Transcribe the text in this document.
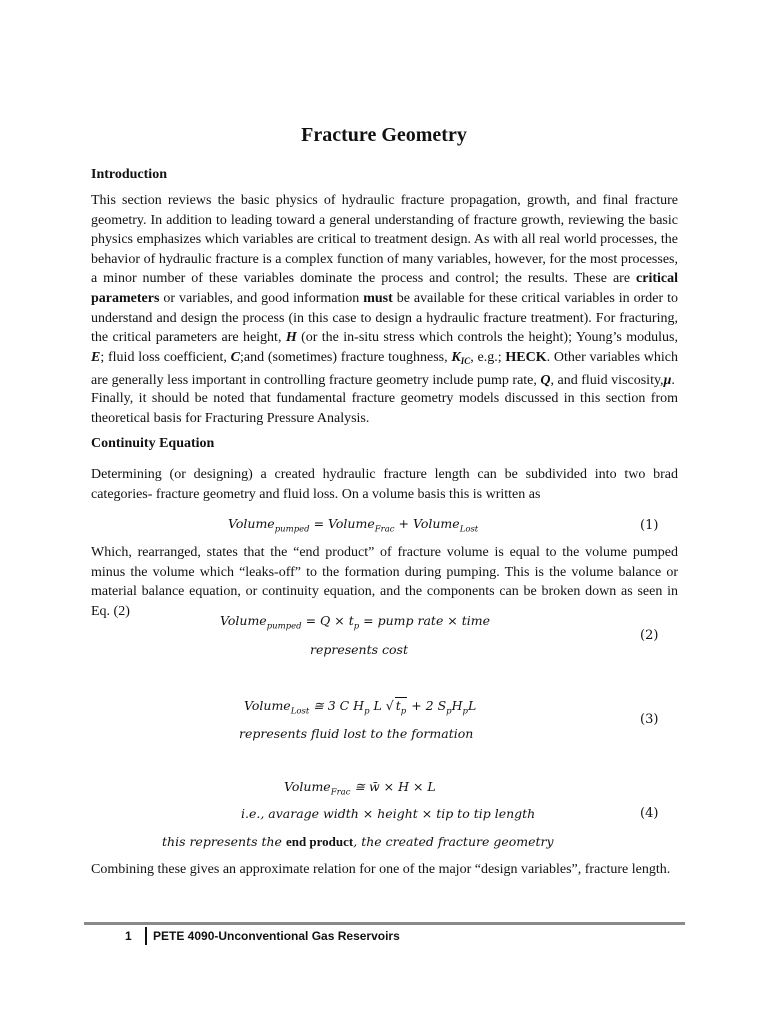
Fracture Geometry
Introduction

This section reviews the basic physics of hydraulic fracture propagation, growth, and final fracture geometry. In addition to leading toward a general understanding of fracture growth, reviewing the basic physics emphasizes which variables are critical to treatment design. As with all real world processes, the behavior of hydraulic fracture is a complex function of many variables, however, for the most processes, a minor number of these variables dominate the process and control; the results. These are critical parameters or variables, and good information must be available for these critical variables in order to understand and design the process (in this case to design a hydraulic fracture treatment). For fracturing, the critical parameters are height, H (or the in-situ stress which controls the height); Young’s modulus, E; fluid loss coefficient, C;and (sometimes) fracture toughness, $K_{IC}$, e.g.; HECK. Other variables which are generally less important in controlling fracture geometry include pump rate, Q, and fluid viscosity,μ.

Finally, it should be noted that fundamental fracture geometry models discussed in this section from theoretical basis for Fracturing Pressure Analysis.

Continuity Equation

Determining (or designing) a created hydraulic fracture length can be subdivided into two brad categories- fracture geometry and fluid loss. On a volume basis this is written as

Volume$_{pumped}$ = Volume$_{Frac}$ + Volume$_{Lost}$	(1)

Which, rearranged, states that the “end product” of fracture volume is equal to the volume pumped minus the volume which “leaks-off” to the formation during pumping. This is the volume balance or material balance equation, or continuity equation, and the components can be broken down as seen in Eq. (2)

Volume$_{pumped}$ = $Q \times t_p$ = pump rate × time
(2)
represents cost
Volume$_{Lost}$ ≅ 3 C $H_p$ L √ $t_p + 2$ $S_pH_pL$
(3)
represents fluid lost to the formation
Volume$_{Frac}$ ≅ w̄ × H × L
i.e., avarage width × height × tip to tip length	(4)
this represents the end product, the created fracture geometry

Combining these gives an approximate relation for one of the major “design variables”, fracture length.

1 PETE 4090-Unconventional Gas Reservoirs
